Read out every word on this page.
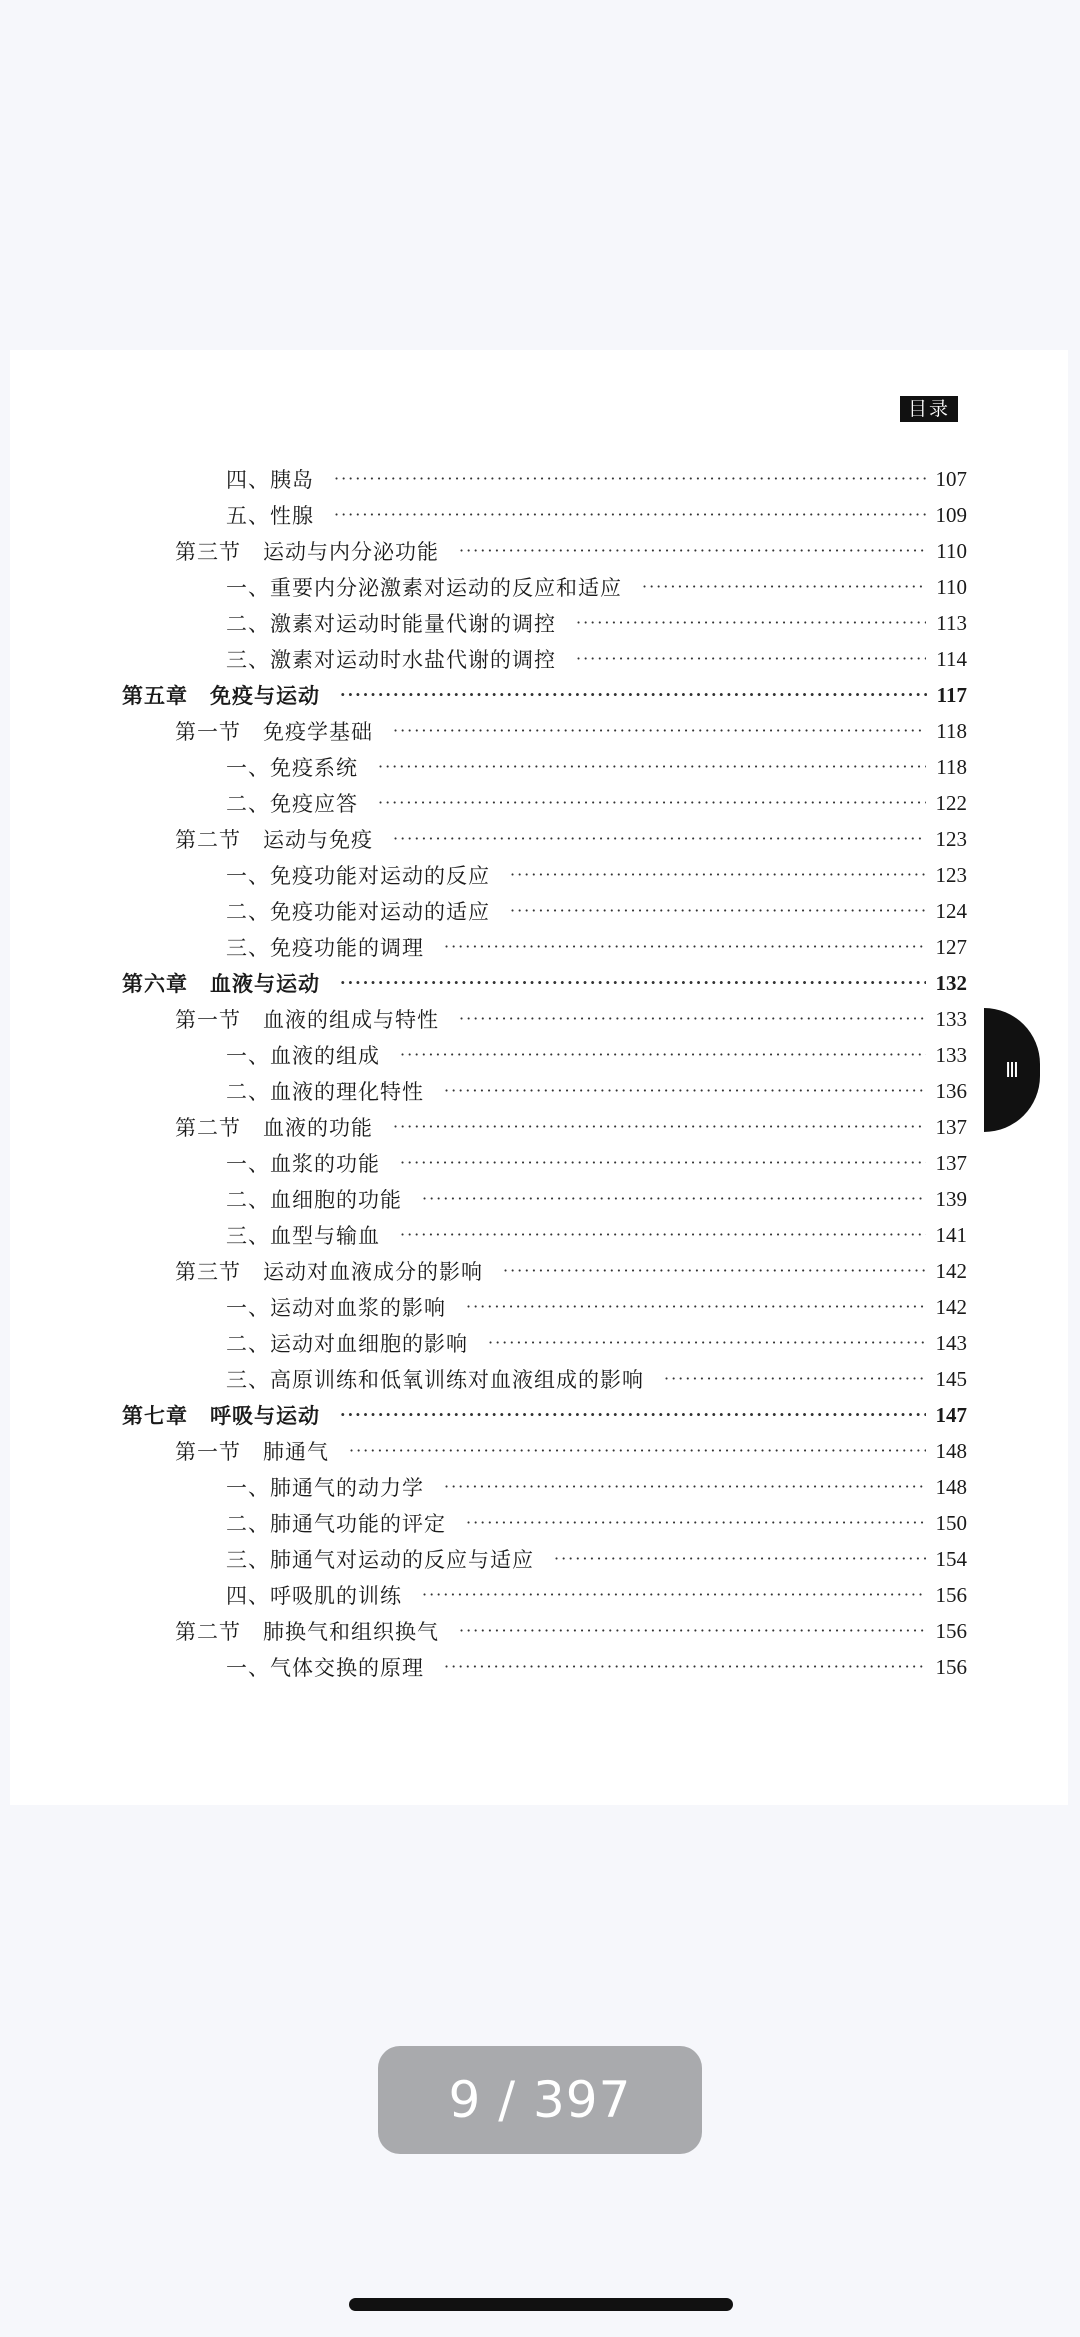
目录
四、胰岛 ·····	107
五、性腺 ·····	109
第三节　运动与内分泌功能 ·····	110
一、重要内分泌激素对运动的反应和适应 ·····	110
二、激素对运动时能量代谢的调控 ·····	113
三、激素对运动时水盐代谢的调控 ·····	114
第五章　免疫与运动 ·····	117
第一节　免疫学基础 ·····	118
一、免疫系统 ·····	118
二、免疫应答 ·····	122
第二节　运动与免疫 ·····	123
一、免疫功能对运动的反应 ·····	123
二、免疫功能对运动的适应 ·····	124
三、免疫功能的调理 ·····	127
第六章　血液与运动 ·····	132
第一节　血液的组成与特性 ·····	133
一、血液的组成 ·····	133
二、血液的理化特性 ·····	136
第二节　血液的功能 ·····	137
一、血浆的功能 ·····	137
二、血细胞的功能 ·····	139
三、血型与输血 ·····	141
第三节　运动对血液成分的影响 ·····	142
一、运动对血浆的影响 ·····	142
二、运动对血细胞的影响 ·····	143
三、高原训练和低氧训练对血液组成的影响 ·····	145
第七章　呼吸与运动 ·····	147
第一节　肺通气 ·····	148
一、肺通气的动力学 ·····	148
二、肺通气功能的评定 ·····	150
三、肺通气对运动的反应与适应 ·····	154
四、呼吸肌的训练 ·····	156
第二节　肺换气和组织换气 ·····	156
一、气体交换的原理 ·····	156
Ⅲ
9 / 397
